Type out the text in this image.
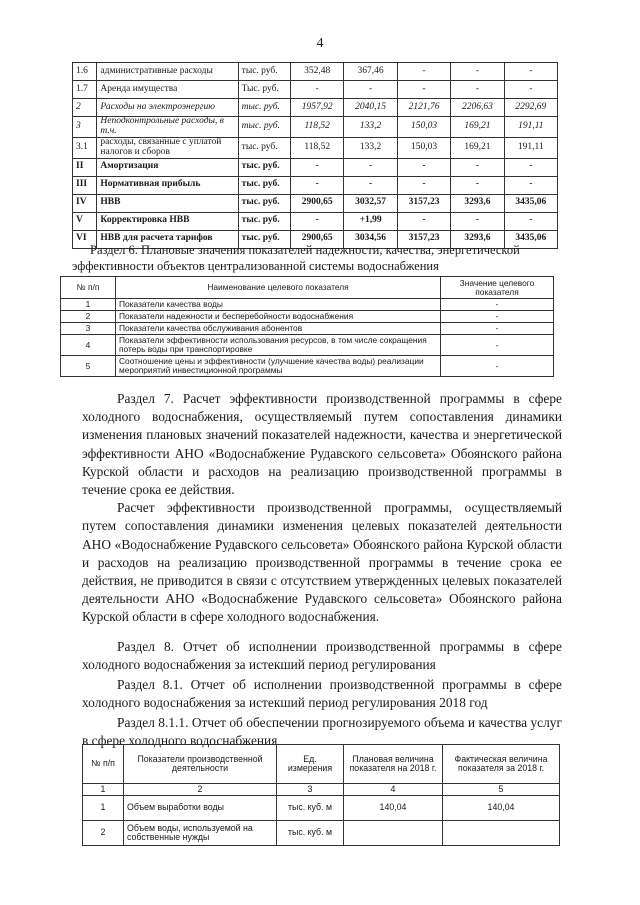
4
1.6	административные расходы	тыс. руб.	352,48	367,46	-	-	-
1.7	Аренда имущества	Тыс. руб.	-	-	-	-	-
2	Расходы на электроэнергию	тыс. руб.	1957,92	2040,15	2121,76	2206,63	2292,69
3	Неподконтрольные расходы, в т.ч.	тыс. руб.	118,52	133,2	150,03	169,21	191,11
3.1	расходы, связанные с уплатой налогов и сборов	тыс. руб.	118,52	133,2	150,03	169,21	191,11
II	Амортизация	тыс. руб.	-	-	-	-	-
III	Нормативная прибыль	тыс. руб.	-	-	-	-	-
IV	НВВ	тыс. руб.	2900,65	3032,57	3157,23	3293,6	3435,06
V	Корректировка НВВ	тыс. руб.	-	+1,99	-	-	-
VI	НВВ для расчета тарифов	тыс. руб.	2900,65	3034,56	3157,23	3293,6	3435,06
Раздел 6. Плановые значения показателей надежности, качества, энергетической
эффективности объектов централизованной системы водоснабжения
№ п/п	Наименование целевого показателя	Значение целевого показателя
1	Показатели качества воды	-
2	Показатели надежности и бесперебойности водоснабжения	-
3	Показатели качества обслуживания абонентов	-
4	Показатели эффективности использования ресурсов, в том числе сокращения потерь воды при транспортировке	-
5	Соотношение цены и эффективности (улучшение качества воды) реализации мероприятий инвестиционной программы	-

Раздел 7. Расчет эффективности производственной программы в сфере холодного водоснабжения, осуществляемый путем сопоставления динамики изменения плановых значений показателей надежности, качества и энергетической эффективности АНО «Водоснабжение Рудавского сельсовета» Обоянского района Курской области и расходов на реализацию производственной программы в течение срока ее действия.

Расчет эффективности производственной программы, осуществляемый путем сопоставления динамики изменения целевых показателей деятельности АНО «Водоснабжение Рудавского сельсовета» Обоянского района Курской области и расходов на реализацию производственной программы в течение срока ее действия, не приводится в связи с отсутствием утвержденных целевых показателей деятельности АНО «Водоснабжение Рудавского сельсовета» Обоянского района Курской области в сфере холодного водоснабжения.

Раздел 8. Отчет об исполнении производственной программы в сфере холодного водоснабжения за истекший период регулирования

Раздел 8.1. Отчет об исполнении производственной программы в сфере холодного водоснабжения за истекший период регулирования 2018 год

Раздел 8.1.1. Отчет об обеспечении прогнозируемого объема и качества услуг в сфере холодного водоснабжения

№ п/п	Показатели производственной деятельности	Ед. измерения	Плановая величина показателя на 2018 г.	Фактическая величина показателя за 2018 г.
1	2	3	4	5
1	Объем выработки воды	тыс. куб. м	140,04	140,04
2	Объем воды, используемой на собственные нужды	тыс. куб. м		
